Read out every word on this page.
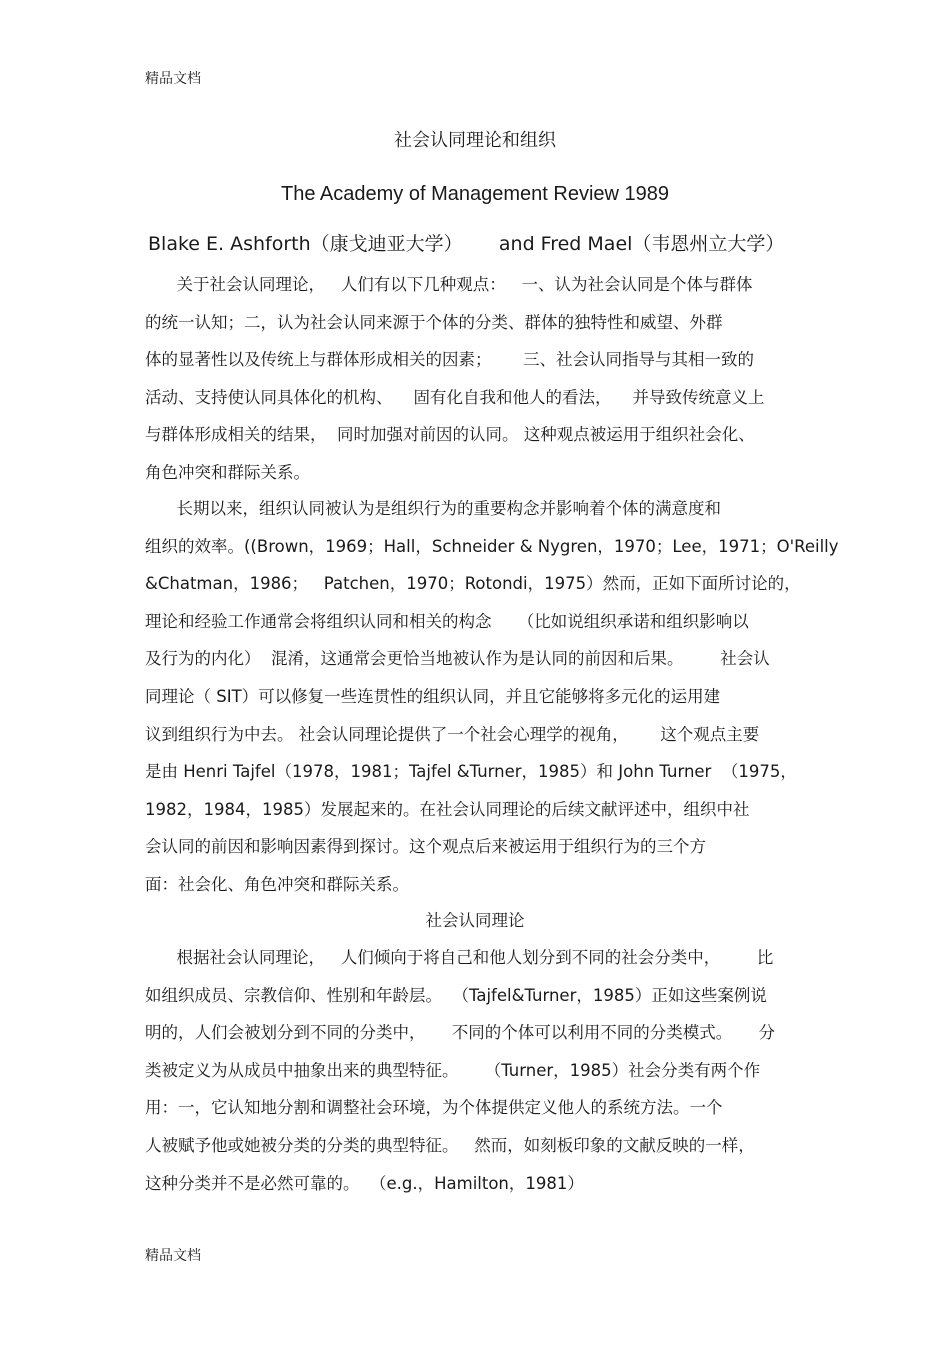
精品文档
社会认同理论和组织
The Academy of Management Review 1989
Blake E. Ashforth（康戈迪亚大学）      and Fred Mael（韦恩州立大学）
关于社会认同理论，   人们有以下几种观点：   一、认为社会认同是个体与群体
的统一认知；二，认为社会认同来源于个体的分类、群体的独特性和威望、外群
体的显著性以及传统上与群体形成相关的因素；      三、社会认同指导与其相一致的
活动、支持使认同具体化的机构、    固有化自我和他人的看法，    并导致传统意义上
与群体形成相关的结果，  同时加强对前因的认同。 这种观点被运用于组织社会化、
角色冲突和群际关系。
长期以来，组织认同被认为是组织行为的重要构念并影响着个体的满意度和
组织的效率。((Brown，1969；Hall，Schneider & Nygren，1970；Lee，1971；O'Reilly
&Chatman，1986；   Patchen，1970；Rotondi，1975）然而，正如下面所讨论的，
理论和经验工作通常会将组织认同和相关的构念     （比如说组织承诺和组织影响以
及行为的内化）  混淆，这通常会更恰当地被认作为是认同的前因和后果。       社会认
同理论（ SIT）可以修复一些连贯性的组织认同，并且它能够将多元化的运用建
议到组织行为中去。 社会认同理论提供了一个社会心理学的视角，      这个观点主要
是由 Henri Tajfel（1978，1981；Tajfel &Turner，1985）和 John Turner  （1975，
1982，1984，1985）发展起来的。在社会认同理论的后续文献评述中，组织中社
会认同的前因和影响因素得到探讨。这个观点后来被运用于组织行为的三个方
面：社会化、角色冲突和群际关系。
社会认同理论
根据社会认同理论，   人们倾向于将自己和他人划分到不同的社会分类中，       比
如组织成员、宗教信仰、性别和年龄层。  （Tajfel&Turner，1985）正如这些案例说
明的，人们会被划分到不同的分类中，     不同的个体可以利用不同的分类模式。     分
类被定义为从成员中抽象出来的典型特征。     （Turner，1985）社会分类有两个作
用：一，它认知地分割和调整社会环境，为个体提供定义他人的系统方法。一个
人被赋予他或她被分类的分类的典型特征。   然而，如刻板印象的文献反映的一样，
这种分类并不是必然可靠的。  （e.g.，Hamilton，1981）
精品文档
